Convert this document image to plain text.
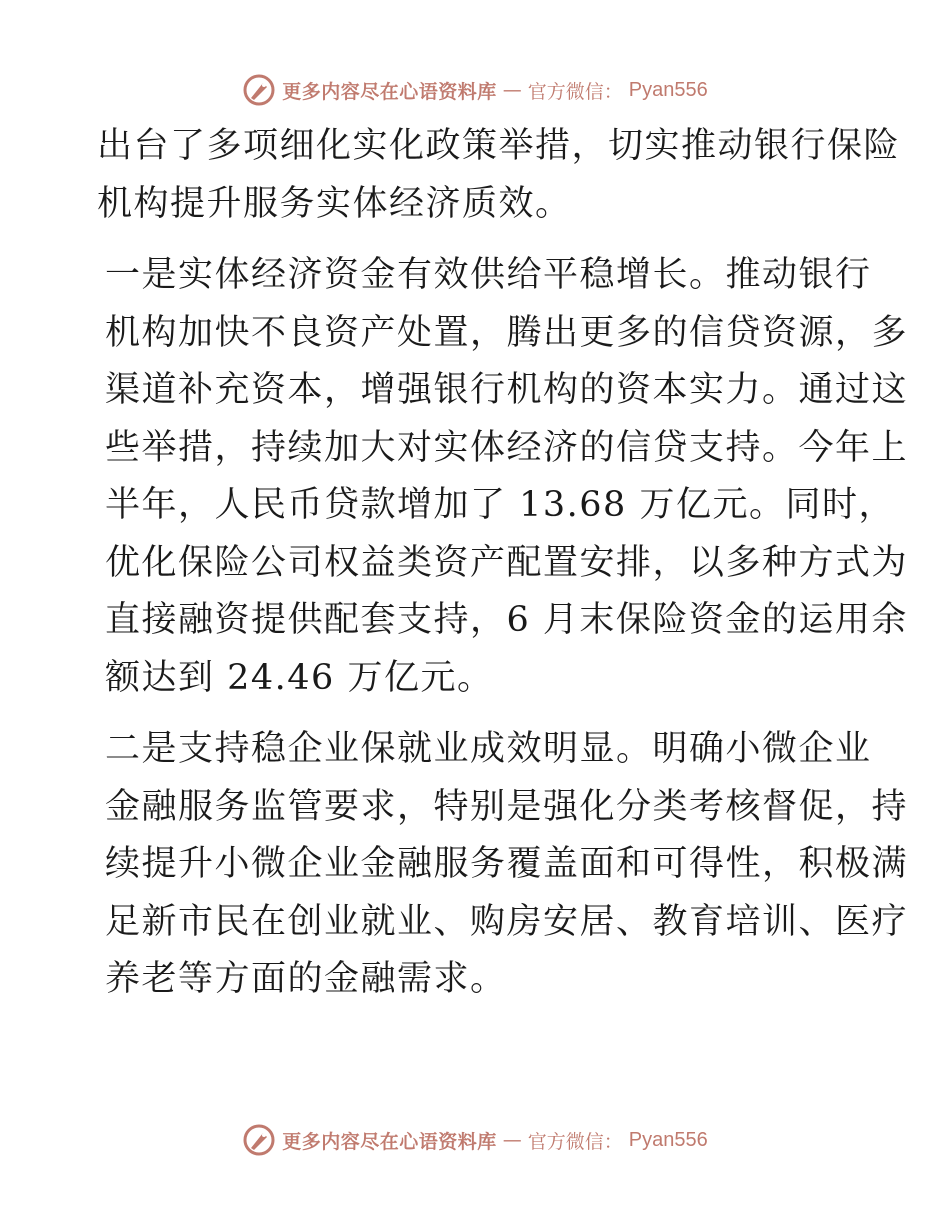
更多内容尽在心语资料库 — 官方微信： Pyan556

出台了多项细化实化政策举措，切实推动银行保险
机构提升服务实体经济质效。

一是实体经济资金有效供给平稳增长。推动银行
机构加快不良资产处置，腾出更多的信贷资源，多
渠道补充资本，增强银行机构的资本实力。通过这
些举措，持续加大对实体经济的信贷支持。今年上
半年，人民币贷款增加了 13.68 万亿元。同时，
优化保险公司权益类资产配置安排，以多种方式为
直接融资提供配套支持，6 月末保险资金的运用余
额达到 24.46 万亿元。

二是支持稳企业保就业成效明显。明确小微企业
金融服务监管要求，特别是强化分类考核督促，持
续提升小微企业金融服务覆盖面和可得性，积极满
足新市民在创业就业、购房安居、教育培训、医疗
养老等方面的金融需求。

更多内容尽在心语资料库 — 官方微信： Pyan556
